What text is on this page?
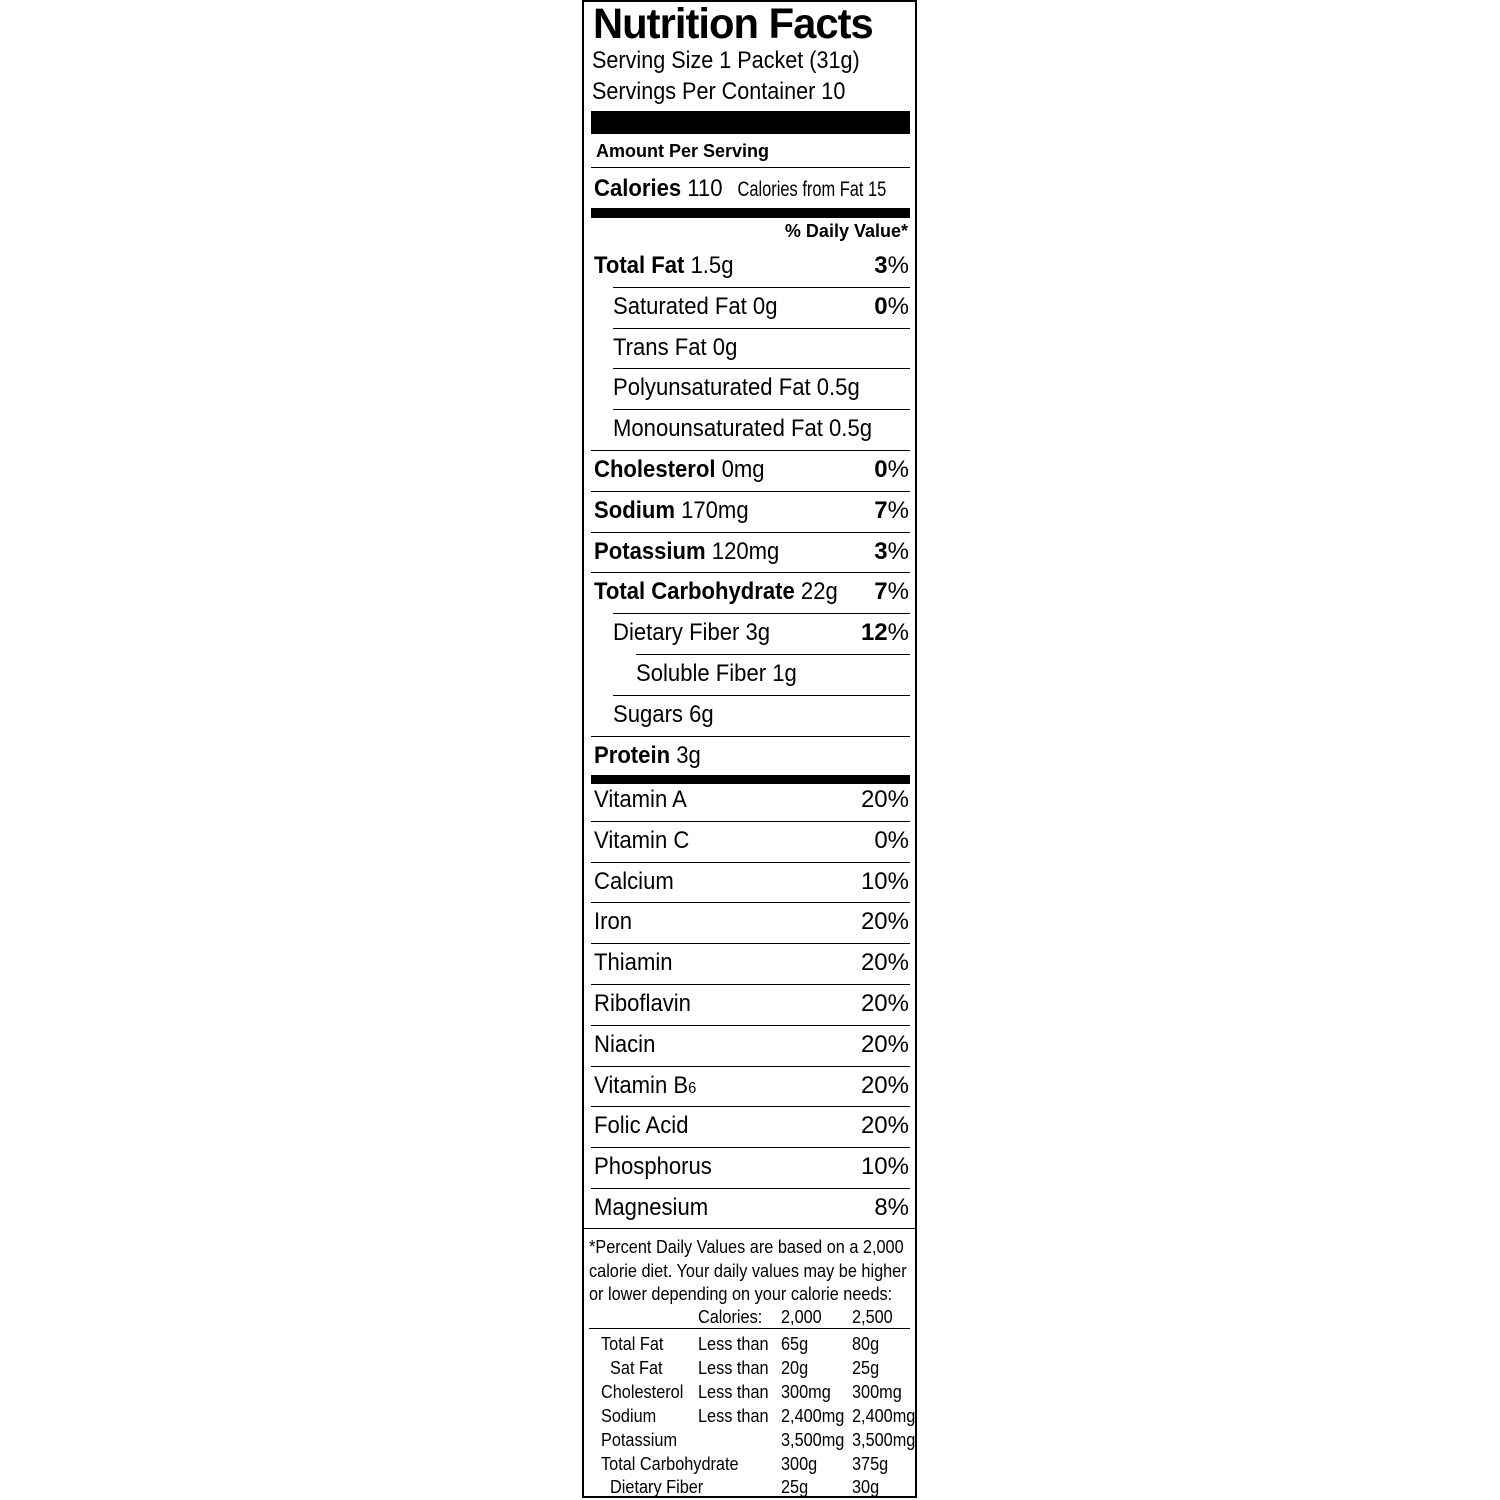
Nutrition Facts
Serving Size 1 Packet (31g)
Servings Per Container 10
Amount Per Serving
Calories 110 Calories from Fat 15
% Daily Value*
Total Fat 1.5g	3%
Saturated Fat 0g	0%
Trans Fat 0g
Polyunsaturated Fat 0.5g
Monounsaturated Fat 0.5g
Cholesterol 0mg	0%
Sodium 170mg	7%
Potassium 120mg	3%
Total Carbohydrate 22g 7%
Dietary Fiber 3g	12%
Soluble Fiber 1g
Sugars 6g
Protein 3g
Vitamin A	20%
Vitamin C	0%
Calcium	10%
Iron	20%
Thiamin	20%
Riboflavin	20%
Niacin	20%
Vitamin B6	20%
Folic Acid	20%
Phosphorus	10%
Magnesium	8%
*Percent Daily Values are based on a 2,000
calorie diet. Your daily values may be higher
or lower depending on your calorie needs:
Calories: 2,000 2,500
Total Fat Less than 65g 80g
Sat Fat Less than 20g 25g
Cholesterol Less than 300mg 300mg
Sodium Less than 2,400mg 2,400mg
Potassium	3,500mg 3,500mg
Total Carbohydrate 300g 375g
Dietary Fiber	25g 30g
